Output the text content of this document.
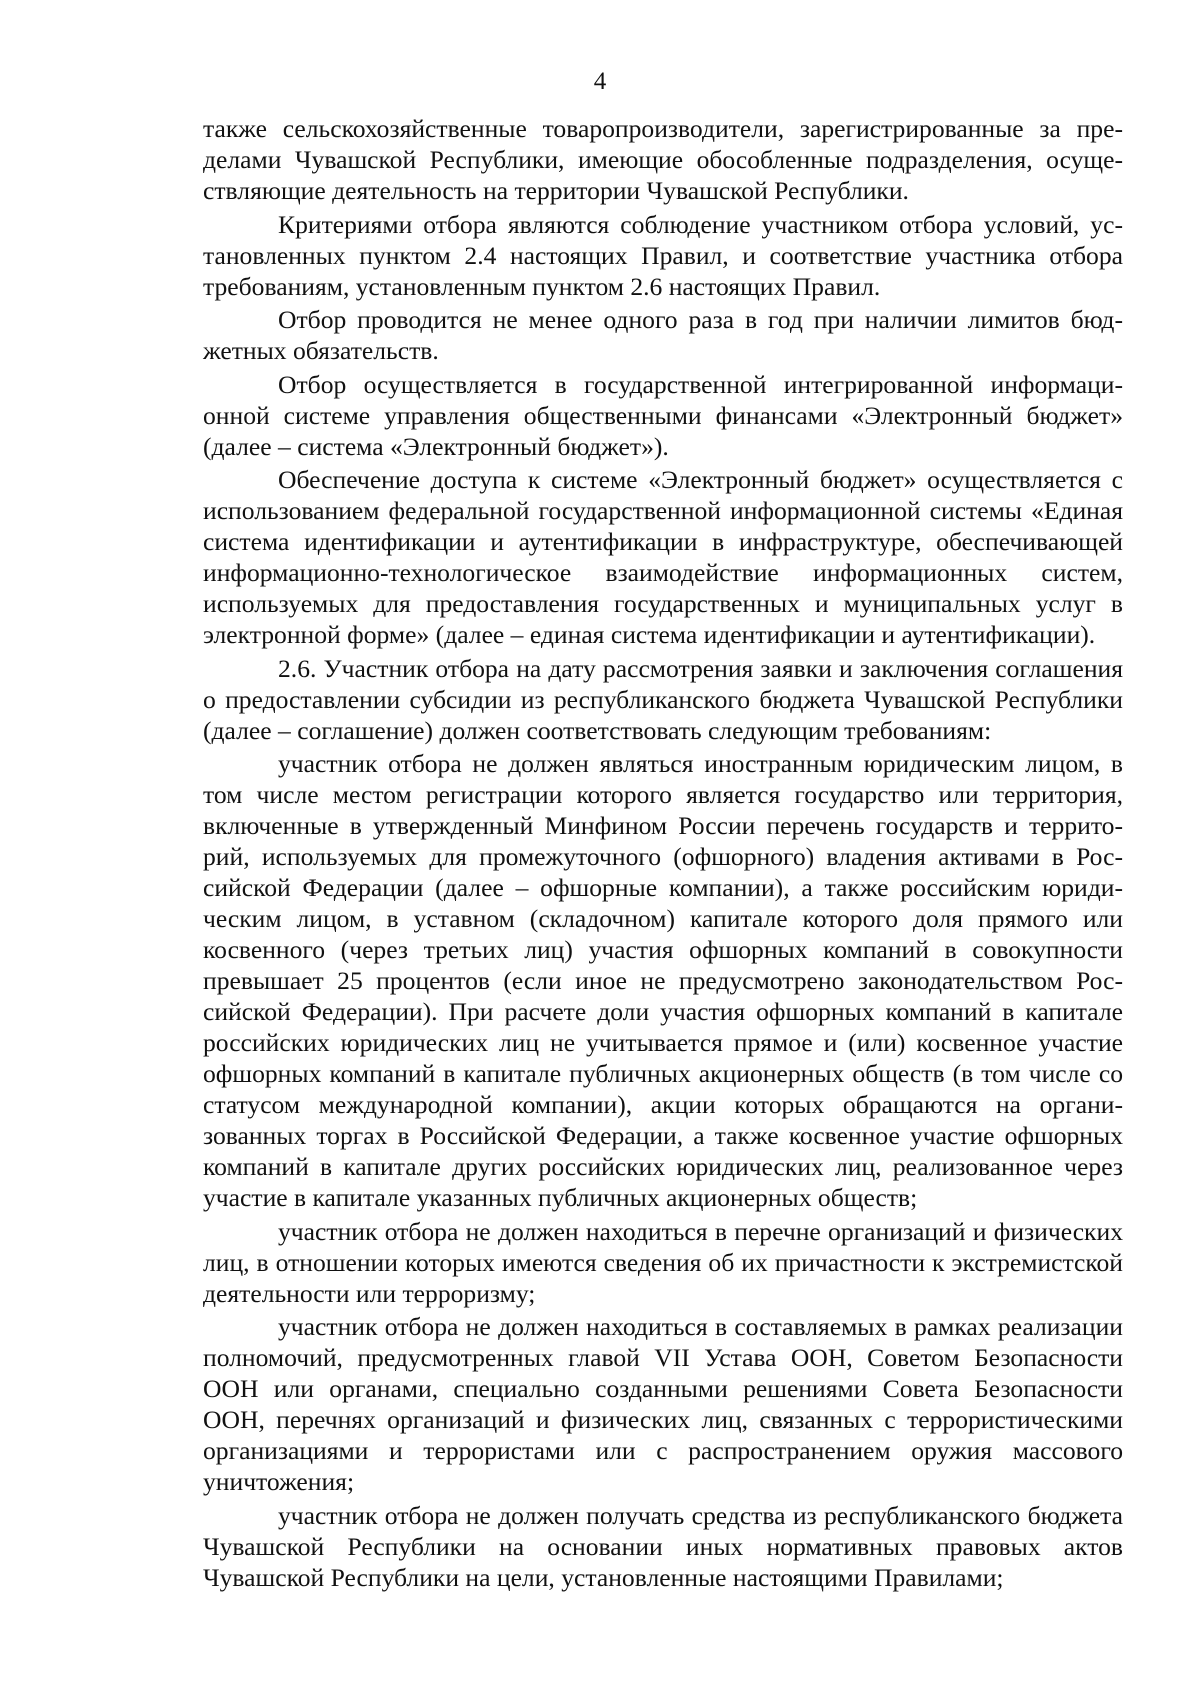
4

также сельскохозяйственные товаропроизводители, зарегистрированные за пределами Чувашской Республики, имеющие обособленные подразделения, осуществляющие деятельность на территории Чувашской Республики.

Критериями отбора являются соблюдение участником отбора условий, установленных пунктом 2.4 настоящих Правил, и соответствие участника отбора требованиям, установленным пунктом 2.6 настоящих Правил.

Отбор проводится не менее одного раза в год при наличии лимитов бюджетных обязательств.

Отбор осуществляется в государственной интегрированной информационной системе управления общественными финансами «Электронный бюджет» (далее – система «Электронный бюджет»).

Обеспечение доступа к системе «Электронный бюджет» осуществляется с использованием федеральной государственной информационной системы «Единая система идентификации и аутентификации в инфраструктуре, обеспечивающей информационно-технологическое взаимодействие информационных систем, используемых для предоставления государственных и муниципальных услуг в электронной форме» (далее – единая система идентификации и аутентификации).

2.6. Участник отбора на дату рассмотрения заявки и заключения соглашения о предоставлении субсидии из республиканского бюджета Чувашской Республики (далее – соглашение) должен соответствовать следующим требованиям:

участник отбора не должен являться иностранным юридическим лицом, в том числе местом регистрации которого является государство или территория, включенные в утвержденный Минфином России перечень государств и территорий, используемых для промежуточного (офшорного) владения активами в Российской Федерации (далее – офшорные компании), а также российским юридическим лицом, в уставном (складочном) капитале которого доля прямого или косвенного (через третьих лиц) участия офшорных компаний в совокупности превышает 25 процентов (если иное не предусмотрено законодательством Российской Федерации). При расчете доли участия офшорных компаний в капитале российских юридических лиц не учитывается прямое и (или) косвенное участие офшорных компаний в капитале публичных акционерных обществ (в том числе со статусом международной компании), акции которых обращаются на организованных торгах в Российской Федерации, а также косвенное участие офшорных компаний в капитале других российских юридических лиц, реализованное через участие в капитале указанных публичных акционерных обществ;

участник отбора не должен находиться в перечне организаций и физических лиц, в отношении которых имеются сведения об их причастности к экстремистской деятельности или терроризму;

участник отбора не должен находиться в составляемых в рамках реализации полномочий, предусмотренных главой VII Устава ООН, Советом Безопасности ООН или органами, специально созданными решениями Совета Безопасности ООН, перечнях организаций и физических лиц, связанных с террористическими организациями и террористами или с распространением оружия массового уничтожения;

участник отбора не должен получать средства из республиканского бюджета Чувашской Республики на основании иных нормативных правовых актов Чувашской Республики на цели, установленные настоящими Правилами;
